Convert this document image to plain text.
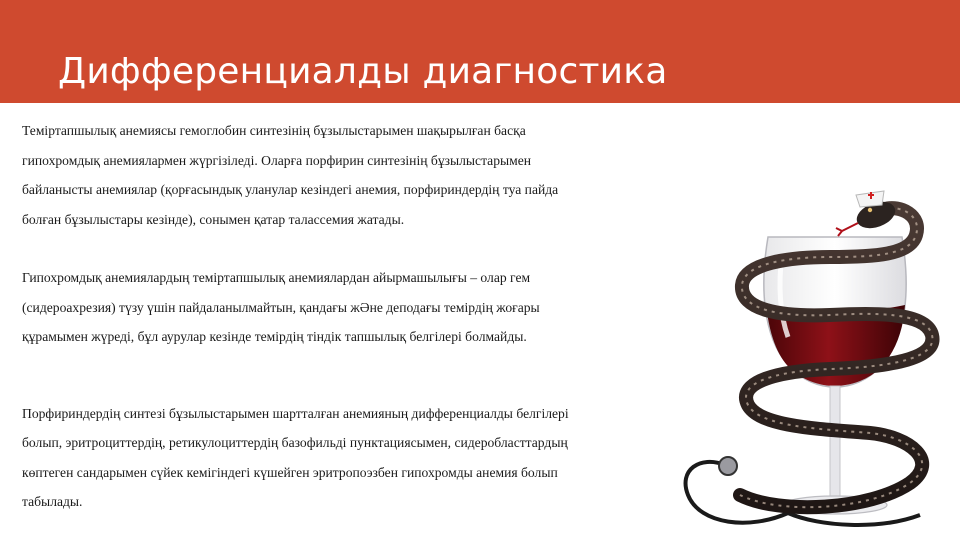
Дифференциалды диагностика

Теміртапшылық анемиясы гемоглобин синтезінің бұзылыстарымен шақырылған басқа
гипохромдық анемиялармен жүргізіледі. Оларға порфирин синтезінің бұзылыстарымен
байланысты анемиялар (қорғасындық уланулар кезіндегі анемия, порфириндердің туа пайда
болған бұзылыстары кезінде), сонымен қатар талассемия жатады.

Гипохромдық анемиялардың теміртапшылық анемиялардан айырмашылығы – олар гем
(сидероахрезия) түзу үшін пайдаланылмайтын, қандағы жӘне деподағы темірдің жоғары
құрамымен жүреді, бұл аурулар кезінде темірдің тіндік тапшылық белгілері болмайды.

Порфириндердің синтезі бұзылыстарымен шартталған анемияның дифференциалды белгілері
болып, эритроциттердің, ретикулоциттердің базофильді пунктациясымен, сидеробласттардың
көптеген сандарымен сүйек кемігіндегі күшейген эритропоэзбен гипохромды анемия болып
табылады.
